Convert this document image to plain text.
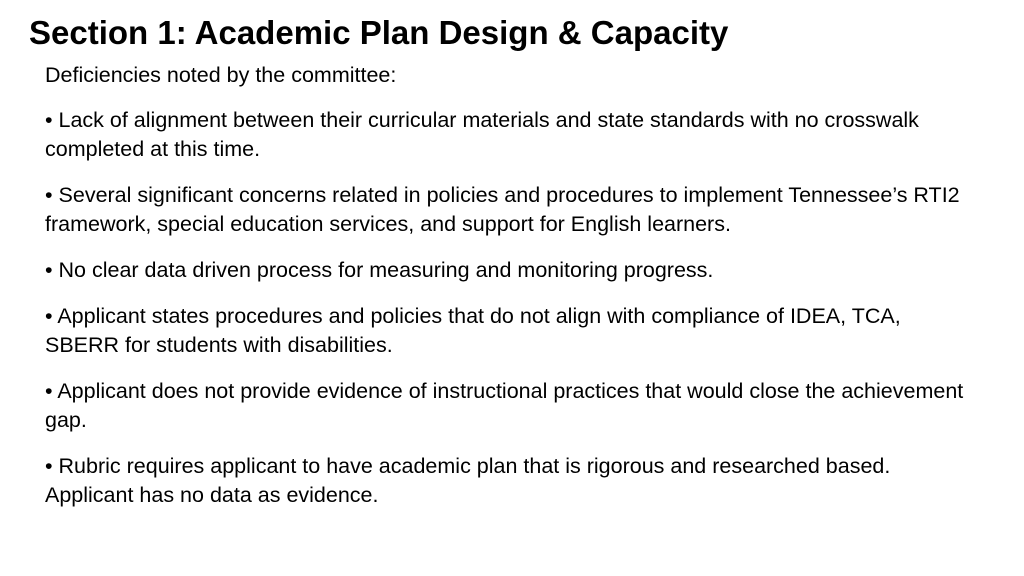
Section 1: Academic Plan Design & Capacity

Deficiencies noted by the committee:

• Lack of alignment between their curricular materials and state standards with no crosswalk completed at this time.

• Several significant concerns related in policies and procedures to implement Tennessee’s RTI2 framework, special education services, and support for English learners.

• No clear data driven process for measuring and monitoring progress.

• Applicant states procedures and policies that do not align with compliance of IDEA, TCA, SBERR for students with disabilities.

• Applicant does not provide evidence of instructional practices that would close the achievement gap.

• Rubric requires applicant to have academic plan that is rigorous and researched based.  Applicant has no data as evidence.
